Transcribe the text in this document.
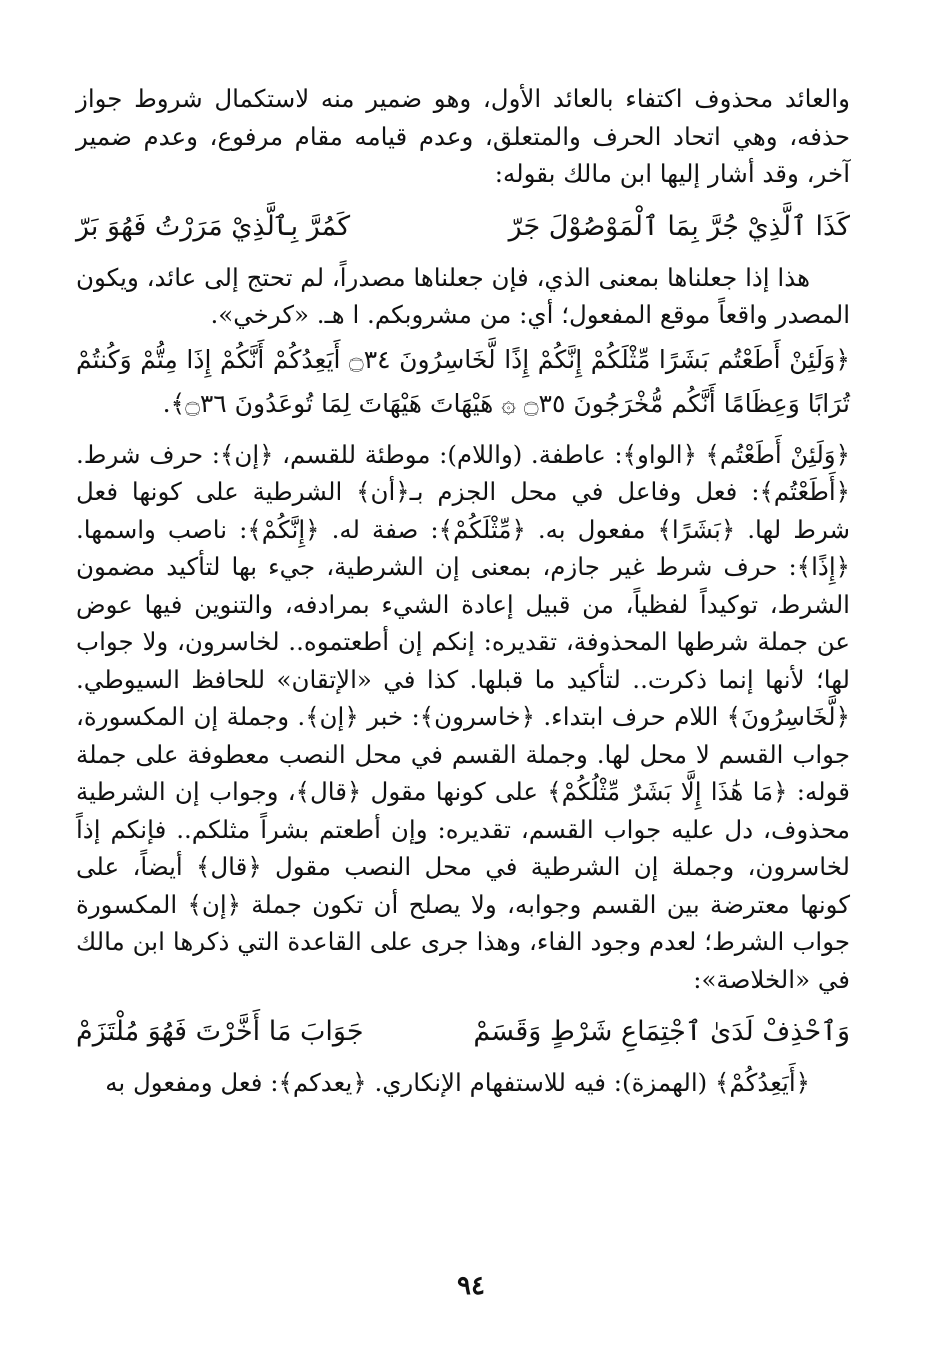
والعائد محذوف اكتفاء بالعائد الأول، وهو ضمير منه لاستكمال شروط جواز حذفه، وهي اتحاد الحرف والمتعلق، وعدم قيامه مقام مرفوع، وعدم ضمير آخر، وقد أشار إليها ابن مالك بقوله:

كَذَا ٱلَّذِيْ جُرَّ بِمَا ٱلْمَوْصُوْلَ جَرّ
كَمُرَّ بِٱلَّذِيْ مَرَرْتُ فَهُوَ بَرّ

هذا إذا جعلناها بمعنى الذي، فإن جعلناها مصدراً، لم تحتج إلى عائد، ويكون المصدر واقعاً موقع المفعول؛ أي: من مشروبكم. ا هـ. «كرخي».

﴿وَلَئِنْ أَطَعْتُم بَشَرًا مِّثْلَكُمْ إِنَّكُمْ إِذًا لَّخَاسِرُونَ ۝٣٤ أَيَعِدُكُمْ أَنَّكُمْ إِذَا مِتُّمْ وَكُنتُمْ تُرَابًا وَعِظَامًا أَنَّكُم مُّخْرَجُونَ ۝٣٥ ۞ هَيْهَاتَ هَيْهَاتَ لِمَا تُوعَدُونَ ۝٣٦﴾.

﴿وَلَئِنْ أَطَعْتُم﴾ ﴿الواو﴾: عاطفة. (واللام): موطئة للقسم، ﴿إن﴾: حرف شرط. ﴿أَطَعْتُم﴾: فعل وفاعل في محل الجزم بـ﴿أن﴾ الشرطية على كونها فعل شرط لها. ﴿بَشَرًا﴾ مفعول به. ﴿مِّثْلَكُمْ﴾: صفة له. ﴿إِنَّكُمْ﴾: ناصب واسمها. ﴿إِذًا﴾: حرف شرط غير جازم، بمعنى إن الشرطية، جيء بها لتأكيد مضمون الشرط، توكيداً لفظياً، من قبيل إعادة الشيء بمرادفه، والتنوين فيها عوض عن جملة شرطها المحذوفة، تقديره: إنكم إن أطعتموه.. لخاسرون، ولا جواب لها؛ لأنها إنما ذكرت.. لتأكيد ما قبلها. كذا في «الإتقان» للحافظ السيوطي. ﴿لَّخَاسِرُونَ﴾ اللام حرف ابتداء. ﴿خاسرون﴾: خبر ﴿إن﴾. وجملة إن المكسورة، جواب القسم لا محل لها. وجملة القسم في محل النصب معطوفة على جملة قوله: ﴿مَا هَٰذَا إِلَّا بَشَرٌ مِّثْلُكُمْ﴾ على كونها مقول ﴿قال﴾، وجواب إن الشرطية محذوف، دل عليه جواب القسم، تقديره: وإن أطعتم بشراً مثلكم.. فإنكم إذاً لخاسرون، وجملة إن الشرطية في محل النصب مقول ﴿قال﴾ أيضاً، على كونها معترضة بين القسم وجوابه، ولا يصلح أن تكون جملة ﴿إن﴾ المكسورة جواب الشرط؛ لعدم وجود الفاء، وهذا جرى على القاعدة التي ذكرها ابن مالك في «الخلاصة»:

وَٱحْذِفْ لَدَىٰ ٱجْتِمَاعِ شَرْطٍ وَقَسَمْ
جَوَابَ مَا أَخَّرْتَ فَهُوَ مُلْتَزَمْ

﴿أَيَعِدُكُمْ﴾ (الهمزة): فيه للاستفهام الإنكاري. ﴿يعدكم﴾: فعل ومفعول به

٩٤
